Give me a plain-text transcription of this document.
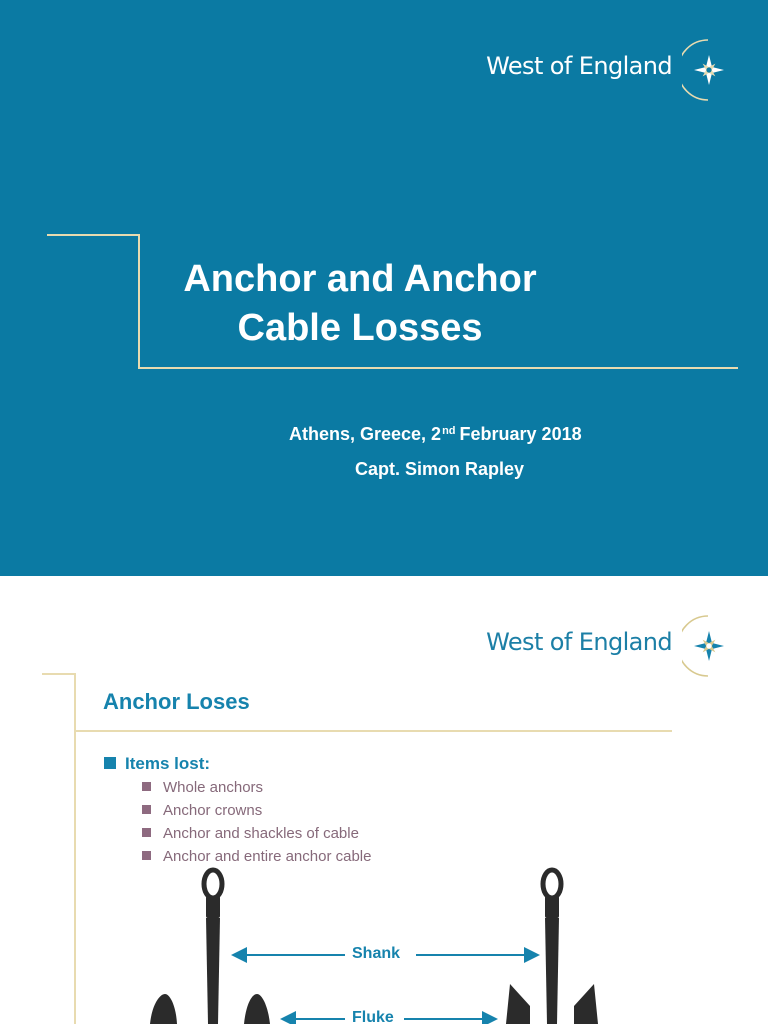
West of England
Anchor and Anchor
Cable Losses
Athens, Greece, 2nd February 2018
Capt. Simon Rapley
West of England
Anchor Loses
Items lost:
Whole anchors
Anchor crowns
Anchor and shackles of cable
Anchor and entire anchor cable
Shank
Fluke
